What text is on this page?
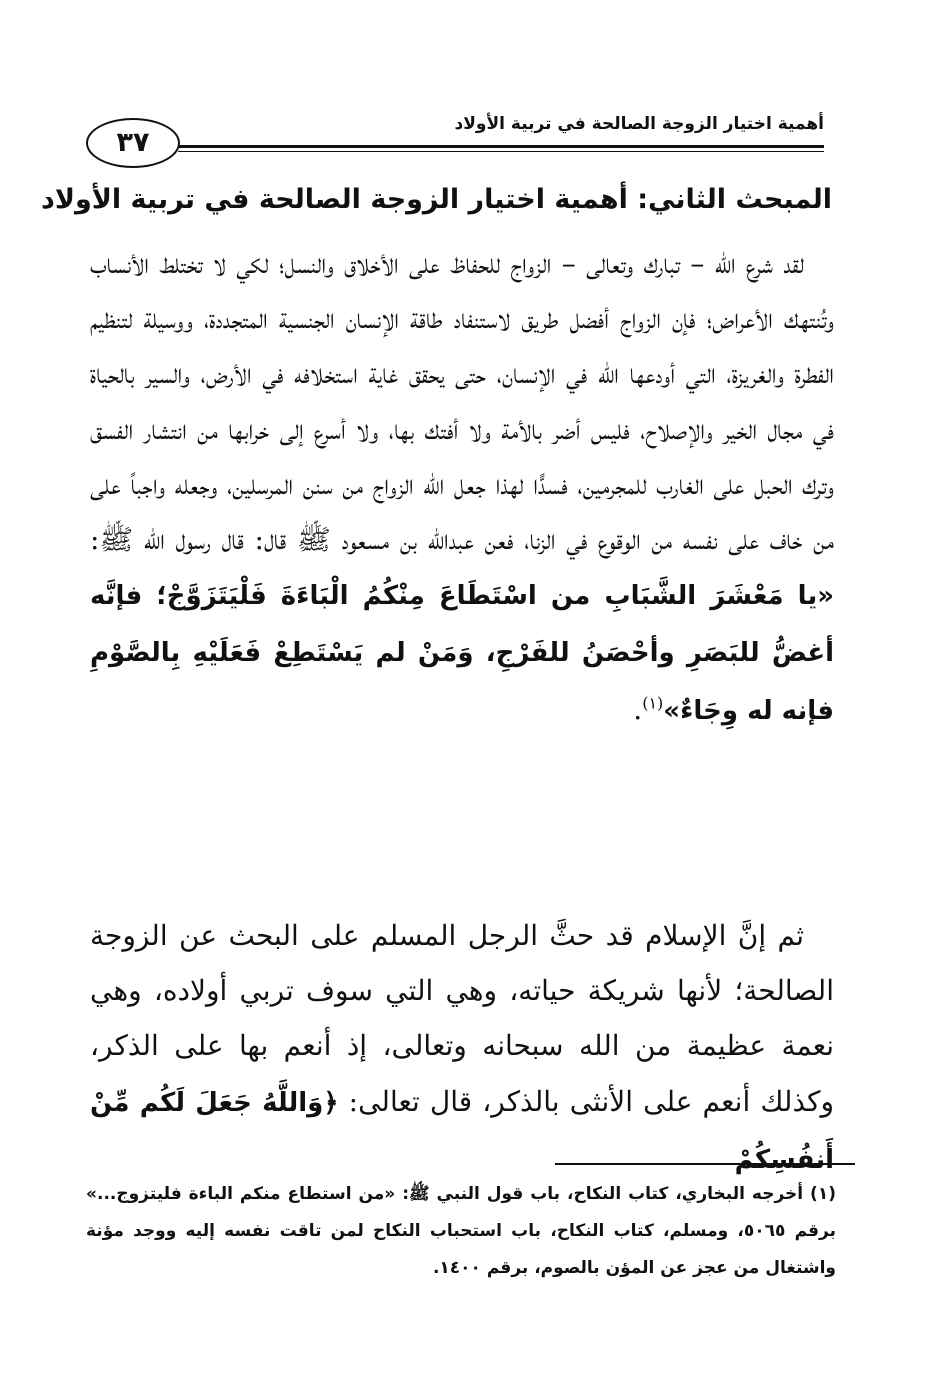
أهمية اختيار الزوجة الصالحة في تربية الأولاد
٣٧
المبحث الثاني: أهمية اختيار الزوجة الصالحة في تربية الأولاد

لقد شرع الله – تبارك وتعالى – الزواج للحفاظ على الأخلاق والنسل؛ لكي لا تختلط الأنساب وتُنتهك الأعراض؛ فإن الزواج أفضل طريق لاستنفاد طاقة الإنسان الجنسية المتجددة، ووسيلة لتنظيم الفطرة والغريزة، التي أودعها الله في الإنسان، حتى يحقق غاية استخلافه في الأرض، والسير بالحياة في مجال الخير والإصلاح، فليس أضر بالأمة ولا أفتك بها، ولا أسرع إلى خرابها من انتشار الفسق وترك الحبل على الغارب للمجرمين، فسدًّا لهذا جعل الله الزواج من سنن المرسلين، وجعله واجباً على من خاف على نفسه من الوقوع في الزنا، فعن عبدالله بن مسعود ﷺ قال: قال رسول الله ﷺ: «يا مَعْشَرَ الشَّبَابِ من اسْتَطَاعَ مِنْكُمُ الْبَاءَةَ فَلْيَتَزَوَّجْ؛ فإنَّه أغضُّ للبَصَرِ وأحْصَنُ للفَرْجِ، وَمَنْ لم يَسْتَطِعْ فَعَلَيْهِ بِالصَّوْمِ فإنه له وِجَاءٌ»$^{(١)}$.

ثم إنَّ الإسلام قد حثَّ الرجل المسلم على البحث عن الزوجة الصالحة؛ لأنها شريكة حياته، وهي التي سوف تربي أولاده، وهي نعمة عظيمة من الله سبحانه وتعالى، إذ أنعم بها على الذكر، وكذلك أنعم على الأنثى بالذكر، قال تعالى: ﴿وَاللَّهُ جَعَلَ لَكُم مِّنْ أَنفُسِكُمْ

(١) أخرجه البخاري، كتاب النكاح، باب قول النبي ﷺ: «من استطاع منكم الباءة فليتزوج...» برقم ٥٠٦٥، ومسلم، كتاب النكاح، باب استحباب النكاح لمن تاقت نفسه إليه ووجد مؤنة واشتغال من عجز عن المؤن بالصوم، برقم ١٤٠٠.
